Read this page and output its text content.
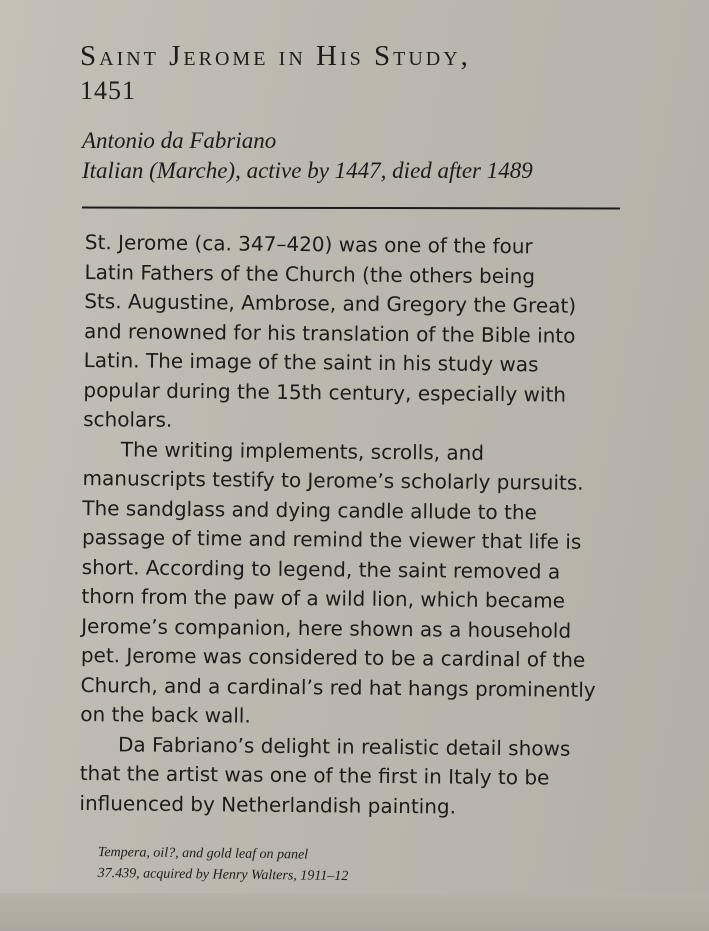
Saint Jerome in His Study,
1451
Antonio da Fabriano
Italian (Marche), active by 1447, died after 1489

St. Jerome (ca. 347–420) was one of the four
Latin Fathers of the Church (the others being
Sts. Augustine, Ambrose, and Gregory the Great)
and renowned for his translation of the Bible into
Latin. The image of the saint in his study was
popular during the 15th century, especially with
scholars.

The writing implements, scrolls, and
manuscripts testify to Jerome’s scholarly pursuits.
The sandglass and dying candle allude to the
passage of time and remind the viewer that life is
short. According to legend, the saint removed a
thorn from the paw of a wild lion, which became
Jerome’s companion, here shown as a household
pet. Jerome was considered to be a cardinal of the
Church, and a cardinal’s red hat hangs prominently
on the back wall.

Da Fabriano’s delight in realistic detail shows
that the artist was one of the first in Italy to be
influenced by Netherlandish painting.

Tempera, oil?, and gold leaf on panel
37.439, acquired by Henry Walters, 1911–12
